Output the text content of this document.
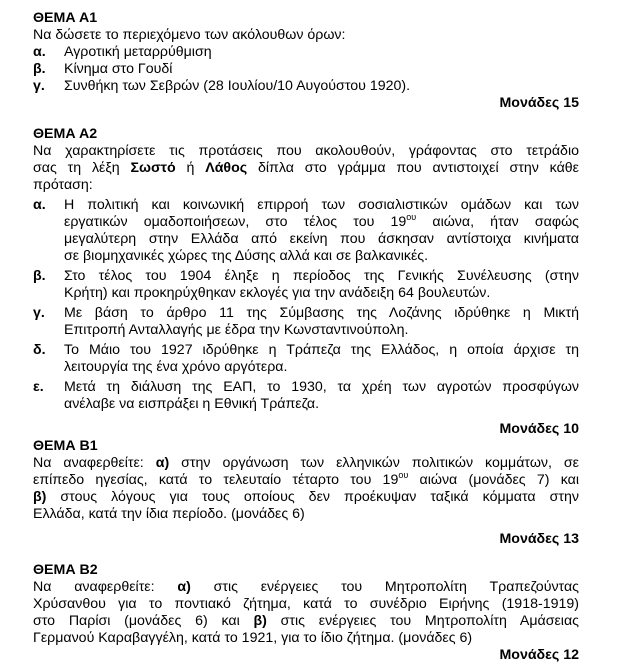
ΘΕΜΑ Α1
Να δώσετε το περιεχόμενο των ακόλουθων όρων:
α.	Αγροτική μεταρρύθμιση
β.	Κίνημα στο Γουδί
γ.	Συνθήκη των Σεβρών (28 Ιουλίου/10 Αυγούστου 1920).
Μονάδες 15
ΘΕΜΑ Α2
Να χαρακτηρίσετε τις προτάσεις που ακολουθούν, γράφοντας στο τετράδιο
σας τη λέξη Σωστό ή Λάθος δίπλα στο γράμμα που αντιστοιχεί στην κάθε
πρόταση:
α.	Η πολιτική και κοινωνική επιρροή των σοσιαλιστικών ομάδων και των
εργατικών ομαδοποιήσεων, στο τέλος του $19^{o\upsilon}$ αιώνα, ήταν σαφώς
μεγαλύτερη στην Ελλάδα από εκείνη που άσκησαν αντίστοιχα κινήματα
σε βιομηχανικές χώρες της Δύσης αλλά και σε βαλκανικές.
β.	Στο τέλος του 1904 έληξε η περίοδος της Γενικής Συνέλευσης (στην
Κρήτη) και προκηρύχθηκαν εκλογές για την ανάδειξη 64 βουλευτών.
γ.	Με βάση το άρθρο 11 της Σύμβασης της Λοζάνης ιδρύθηκε η Μικτή
Επιτροπή Ανταλλαγής με έδρα την Κωνσταντινούπολη.
δ.	Το Μάιο του 1927 ιδρύθηκε η Τράπεζα της Ελλάδος, η οποία άρχισε τη
λειτουργία της ένα χρόνο αργότερα.
ε.	Μετά τη διάλυση της ΕΑΠ, το 1930, τα χρέη των αγροτών προσφύγων
ανέλαβε να εισπράξει η Εθνική Τράπεζα.
Μονάδες 10
ΘΕΜΑ Β1
Να αναφερθείτε: α) στην οργάνωση των ελληνικών πολιτικών κομμάτων, σε
επίπεδο ηγεσίας, κατά το τελευταίο τέταρτο του $19^{o\upsilon}$ αιώνα (μονάδες 7) και
β) στους λόγους για τους οποίους δεν προέκυψαν ταξικά κόμματα στην
Ελλάδα, κατά την ίδια περίοδο. (μονάδες 6)
Μονάδες 13
ΘΕΜΑ Β2
Να αναφερθείτε: α) στις ενέργειες του Μητροπολίτη Τραπεζούντας
Χρύσανθου για το ποντιακό ζήτημα, κατά το συνέδριο Ειρήνης (1918-1919)
στο Παρίσι (μονάδες 6) και β) στις ενέργειες του Μητροπολίτη Αμάσειας
Γερμανού Καραβαγγέλη, κατά το 1921, για το ίδιο ζήτημα. (μονάδες 6)
Μονάδες 12
